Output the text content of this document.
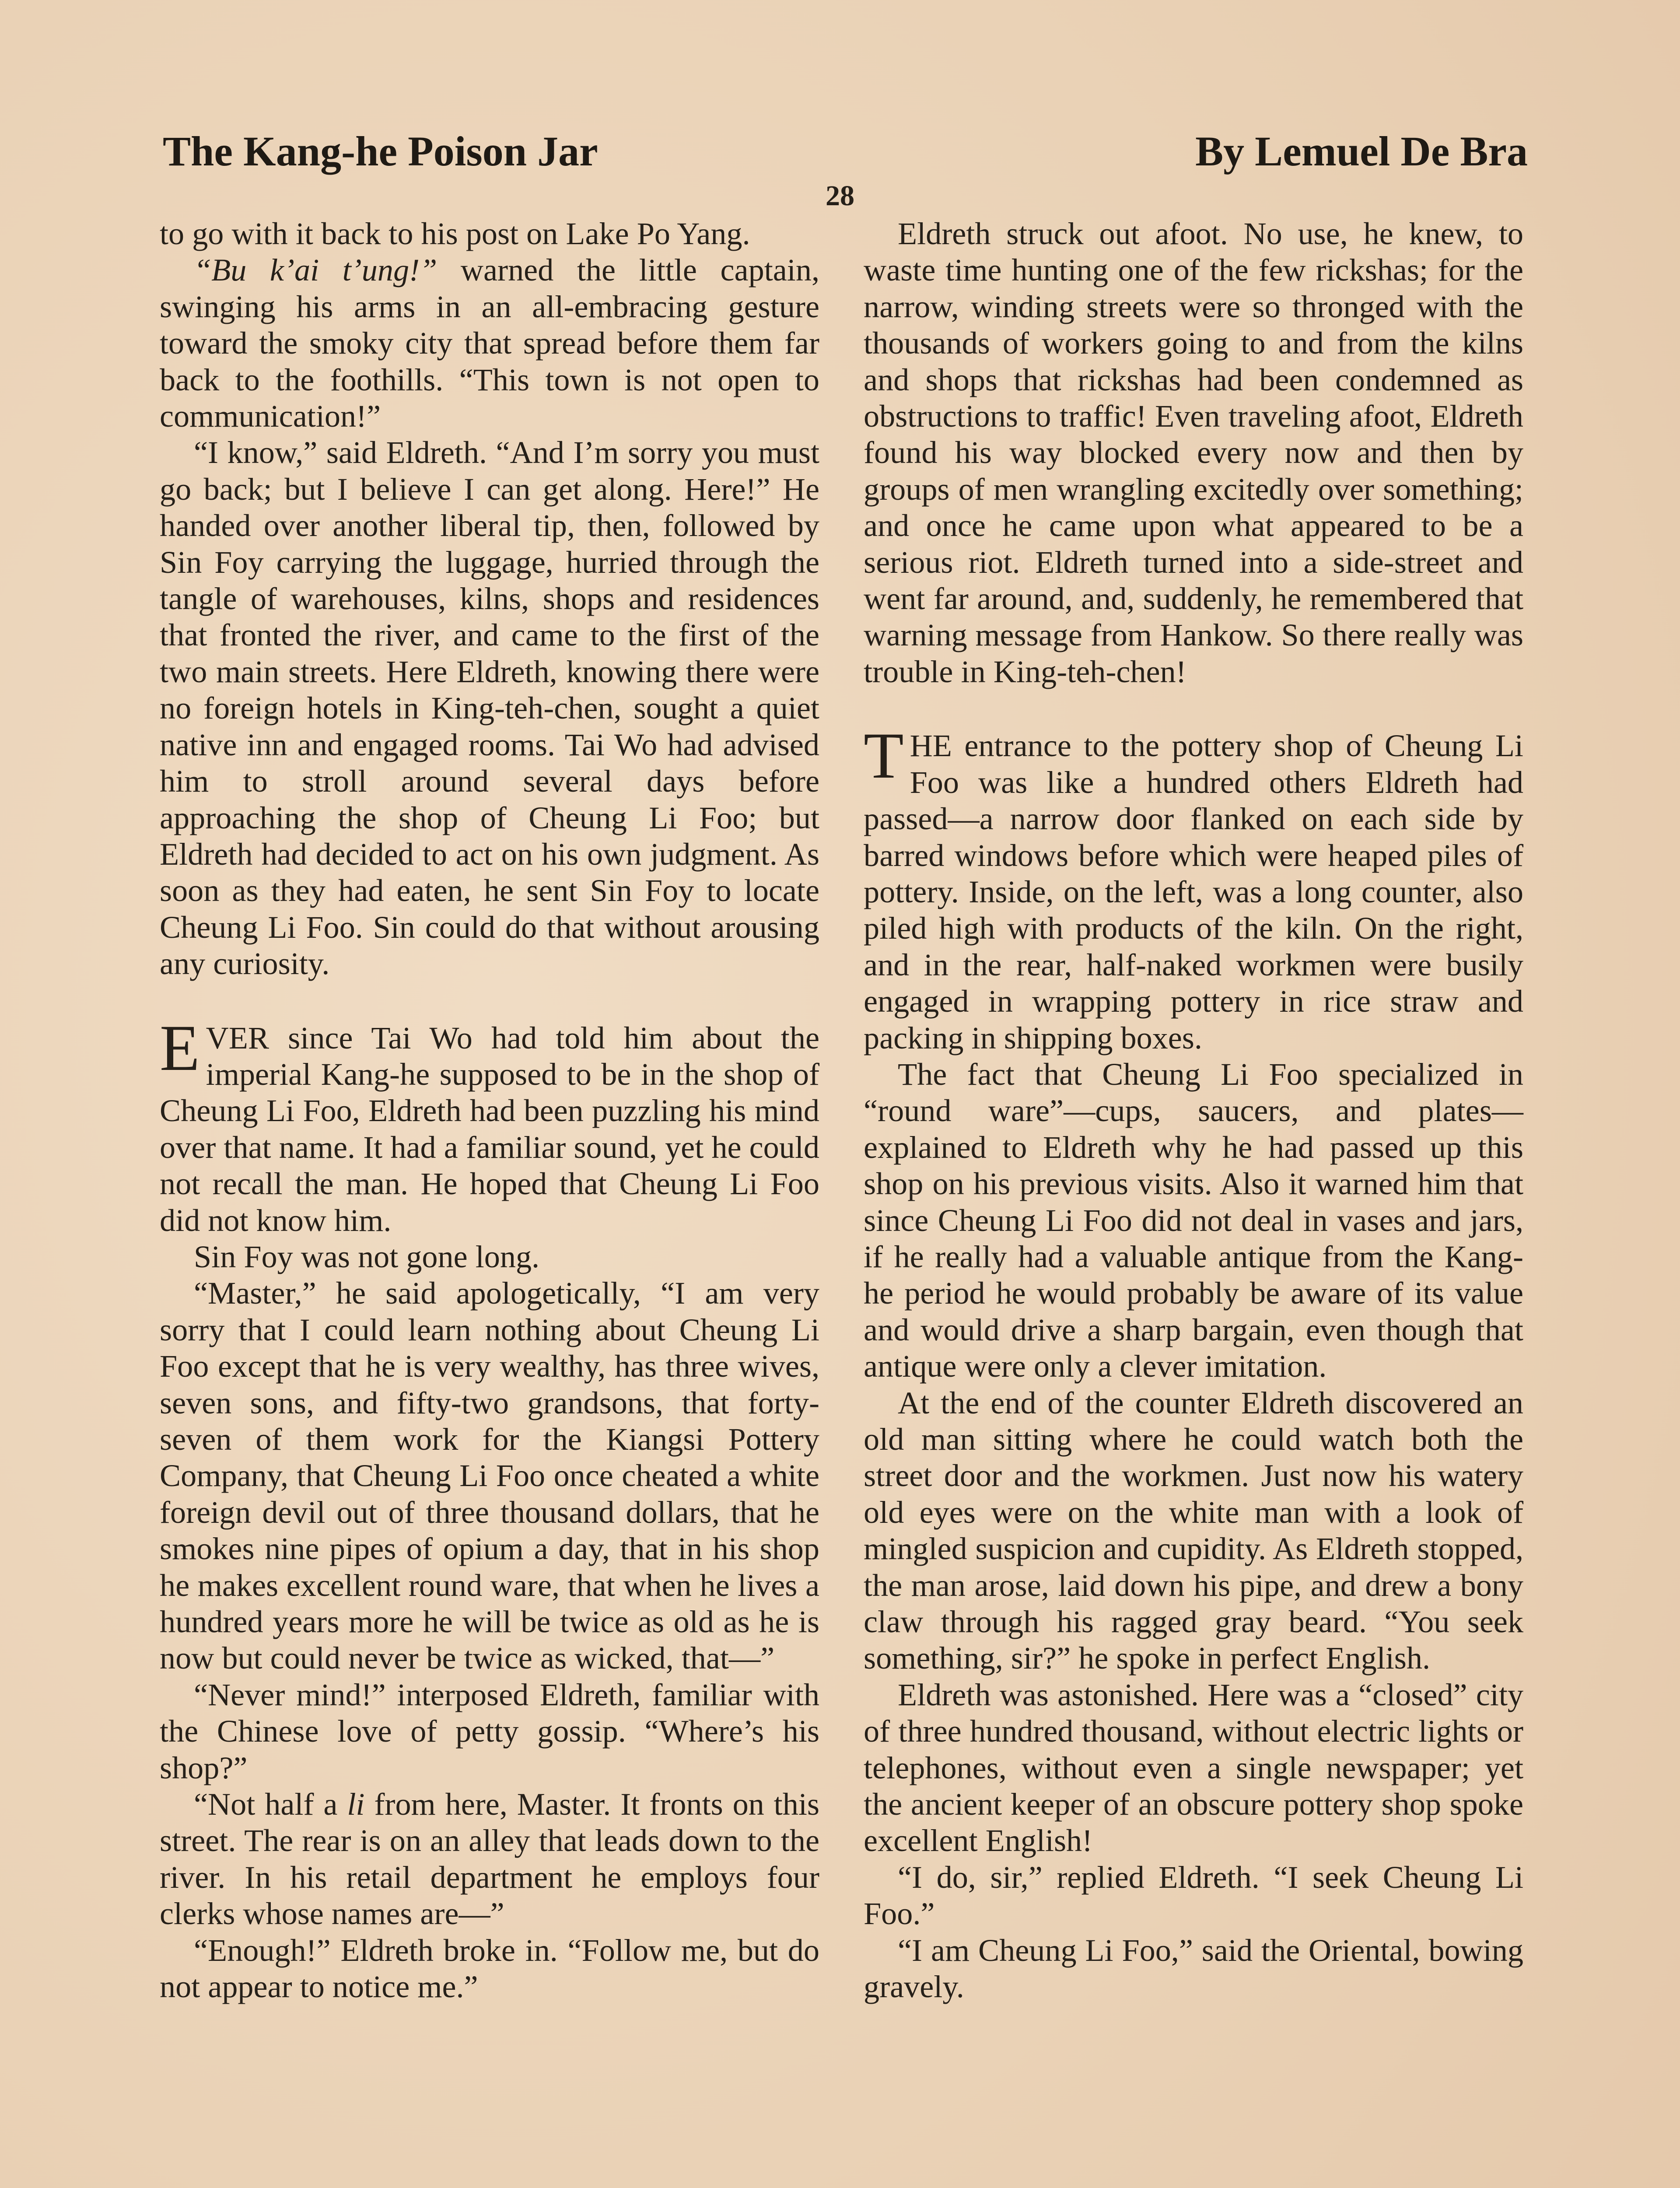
The Kang-he Poison Jar	By Lemuel De Bra
28

to go with it back to his post on Lake Po Yang.

“Bu k’ai t’ung!” warned the little captain, swinging his arms in an all-embracing gesture toward the smoky city that spread before them far back to the foothills. “This town is not open to communication!”

“I know,” said Eldreth. “And I’m sorry you must go back; but I believe I can get along. Here!” He handed over another liberal tip, then, followed by Sin Foy carrying the luggage, hurried through the tangle of warehouses, kilns, shops and residences that fronted the river, and came to the first of the two main streets. Here Eldreth, knowing there were no foreign hotels in King-teh-chen, sought a quiet native inn and engaged rooms. Tai Wo had advised him to stroll around several days before approaching the shop of Cheung Li Foo; but Eldreth had decided to act on his own judgment. As soon as they had eaten, he sent Sin Foy to locate Cheung Li Foo. Sin could do that without arousing any curiosity.

EVER since Tai Wo had told him about the imperial Kang-he supposed to be in the shop of Cheung Li Foo, Eldreth had been puzzling his mind over that name. It had a familiar sound, yet he could not recall the man. He hoped that Cheung Li Foo did not know him.

Sin Foy was not gone long.

“Master,” he said apologetically, “I am very sorry that I could learn nothing about Cheung Li Foo except that he is very wealthy, has three wives, seven sons, and fifty-two grandsons, that forty-seven of them work for the Kiangsi Pottery Company, that Cheung Li Foo once cheated a white foreign devil out of three thousand dollars, that he smokes nine pipes of opium a day, that in his shop he makes excellent round ware, that when he lives a hundred years more he will be twice as old as he is now but could never be twice as wicked, that—”

“Never mind!” interposed Eldreth, familiar with the Chinese love of petty gossip. “Where’s his shop?”

“Not half a li from here, Master. It fronts on this street. The rear is on an alley that leads down to the river. In his retail department he employs four clerks whose names are—”

“Enough!” Eldreth broke in. “Follow me, but do not appear to notice me.”

Eldreth struck out afoot. No use, he knew, to waste time hunting one of the few rickshas; for the narrow, winding streets were so thronged with the thousands of workers going to and from the kilns and shops that rickshas had been condemned as obstructions to traffic! Even traveling afoot, Eldreth found his way blocked every now and then by groups of men wrangling excitedly over something; and once he came upon what appeared to be a serious riot. Eldreth turned into a side-street and went far around, and, suddenly, he remembered that warning message from Hankow. So there really was trouble in King-teh-chen!

THE entrance to the pottery shop of Cheung Li Foo was like a hundred others Eldreth had passed—a narrow door flanked on each side by barred windows before which were heaped piles of pottery. Inside, on the left, was a long counter, also piled high with products of the kiln. On the right, and in the rear, half-naked workmen were busily engaged in wrapping pottery in rice straw and packing in shipping boxes.

The fact that Cheung Li Foo specialized in “round ware”—cups, saucers, and plates—explained to Eldreth why he had passed up this shop on his previous visits. Also it warned him that since Cheung Li Foo did not deal in vases and jars, if he really had a valuable antique from the Kang-he period he would probably be aware of its value and would drive a sharp bargain, even though that antique were only a clever imitation.

At the end of the counter Eldreth discovered an old man sitting where he could watch both the street door and the workmen. Just now his watery old eyes were on the white man with a look of mingled suspicion and cupidity. As Eldreth stopped, the man arose, laid down his pipe, and drew a bony claw through his ragged gray beard. “You seek something, sir?” he spoke in perfect English.

Eldreth was astonished. Here was a “closed” city of three hundred thousand, without electric lights or telephones, without even a single newspaper; yet the ancient keeper of an obscure pottery shop spoke excellent English!

“I do, sir,” replied Eldreth. “I seek Cheung Li Foo.”

“I am Cheung Li Foo,” said the Oriental, bowing gravely.
